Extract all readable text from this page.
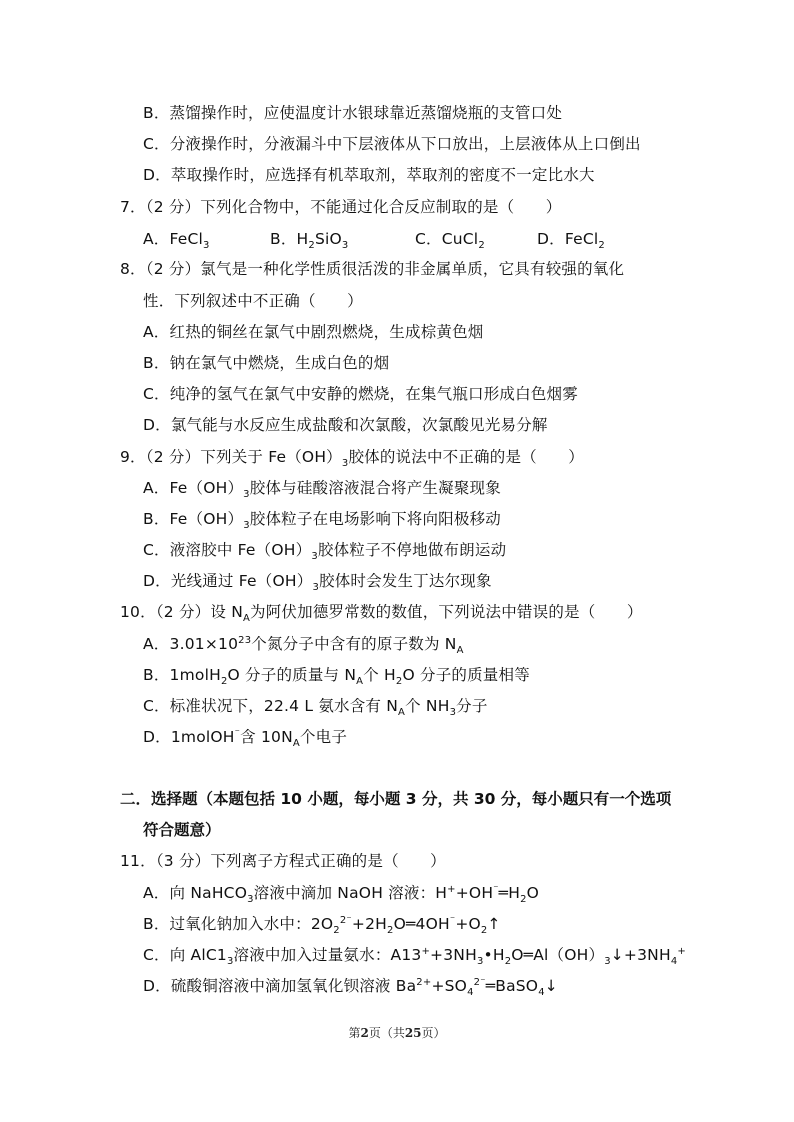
B．蒸馏操作时，应使温度计水银球靠近蒸馏烧瓶的支管口处
C．分液操作时，分液漏斗中下层液体从下口放出，上层液体从上口倒出
D．萃取操作时，应选择有机萃取剂，萃取剂的密度不一定比水大
7．（2 分）下列化合物中，不能通过化合反应制取的是（　　）
A．FeCl$_3$	B．$H_2SiO_3$	C．CuCl$_2$	D．FeCl$_2$
8．（2 分）氯气是一种化学性质很活泼的非金属单质，它具有较强的氧化
性．下列叙述中不正确（　　）
A．红热的铜丝在氯气中剧烈燃烧，生成棕黄色烟
B．钠在氯气中燃烧，生成白色的烟
C．纯净的氢气在氯气中安静的燃烧，在集气瓶口形成白色烟雾
D．氯气能与水反应生成盐酸和次氯酸，次氯酸见光易分解
9．（2 分）下列关于 $Fe(OH)_3$胶体的说法中不正确的是（　　）
A．$Fe(OH)_3$胶体与硅酸溶液混合将产生凝聚现象
B．$Fe(OH)_3$胶体粒子在电场影响下将向阳极移动
C．液溶胶中 $Fe(OH)_3$胶体粒子不停地做布朗运动
D．光线通过 $Fe(OH)_3$胶体时会发生丁达尔现象
10．（2 分）设 $N_A$为阿伏加德罗常数的数值，下列说法中错误的是（　　）
A．$3.01\times 10^{23}$个氮分子中含有的原子数为 $N_A$
B．1molH$_2$O 分子的质量与 $N_A$个 $H_2O$ 分子的质量相等
C．标准状况下，22.4 L 氨水含有 $N_A$个 $NH_3$分子
D．1molOH⁻含 $10N_A$个电子
二．选择题（本题包括 10 小题，每小题 3 分，共 30 分，每小题只有一个选项
符合题意）
11．（3 分）下列离子方程式正确的是（　　）
A．向 NaHCO$_3$溶液中滴加 NaOH 溶液：$H^++OH^{^-}═H_2O$
B．过氧化钠加入水中：$2O_2^{2^-}+2H_2O═4OH^{^-}+O_2↑$
C．向 $AlC1_3$溶液中加入过量氨水：$A13^++3NH_3•H_2O═Al(OH)_3↓+3NH_4^+$
D．硫酸铜溶液中滴加氢氧化钡溶液 $Ba^{2+}+SO_4^{2^-}═BaSO_4↓$
第2页（共25页）
